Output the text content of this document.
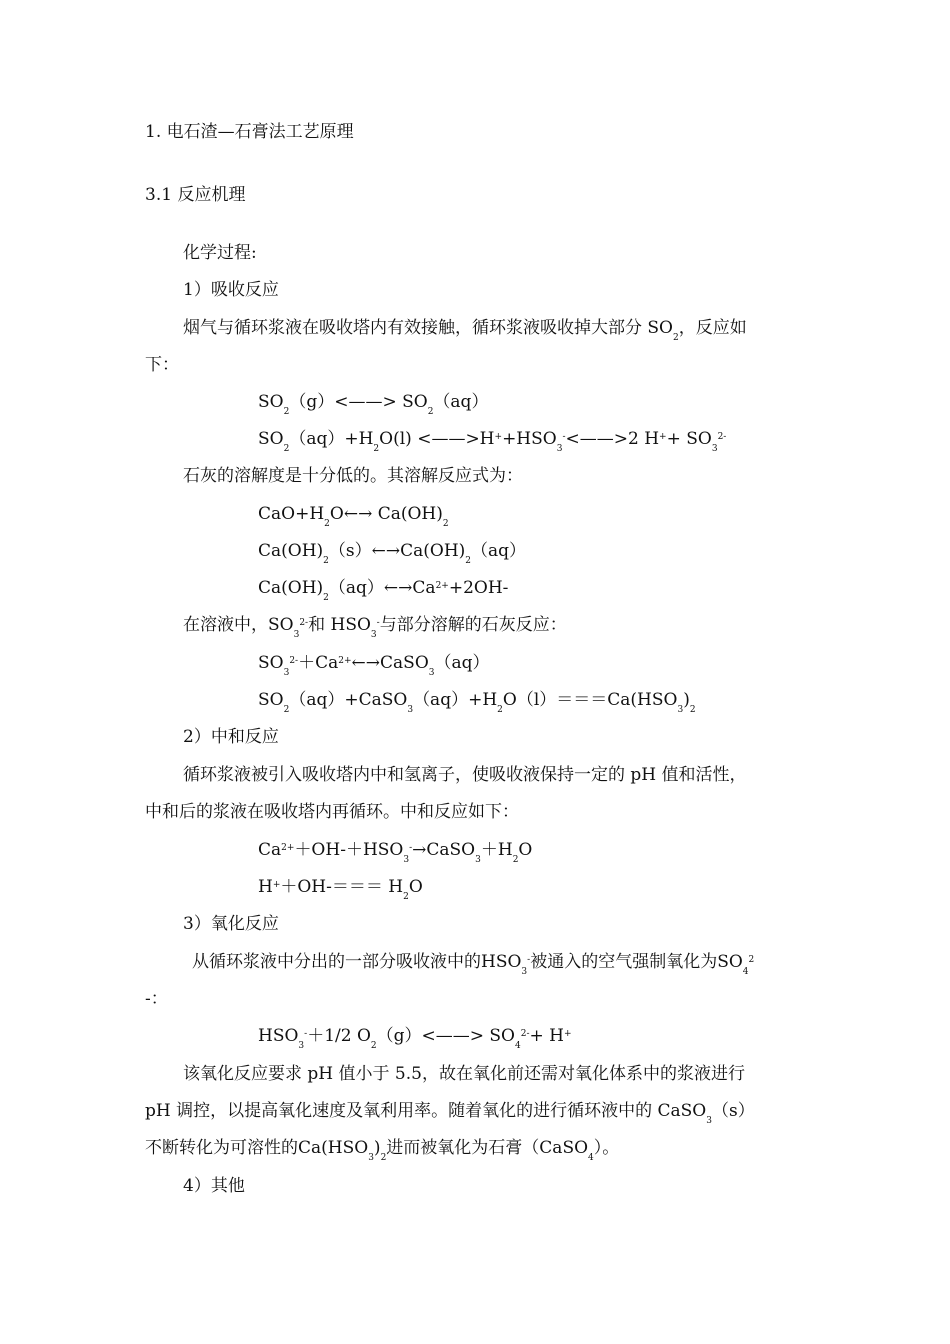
1. 电石渣—石膏法工艺原理
3.1 反应机理
化学过程:
1）吸收反应
烟气与循环浆液在吸收塔内有效接触，循环浆液吸收掉大部分 $SO_2$，反应如
下：
$SO_2(g)<——> SO_2(aq)$
$SO_2(aq)+H_2O(l)$ $<——>H^++HSO_3^-<——>2$ $H^++ SO_3^{2-}$
石灰的溶解度是十分低的。其溶解反应式为：
$CaO+H_2O\leftarrow\to Ca(OH)_2$
$Ca(OH)_2(s)\leftarrow\to Ca(OH)_2(aq)$
$Ca(OH)_2(aq)\leftarrow\to Ca^{2+}+2OH-$
在溶液中，$SO_3^{2-}$和 $HSO_3^-$与部分溶解的石灰反应：
$SO_3^{2-}+Ca^{2+}\leftarrow\to CaSO_3(aq)$
$SO_2(aq)+CaSO_3(aq)+H_2O(l)===Ca(HSO_3)_2$
2）中和反应
循环浆液被引入吸收塔内中和氢离子，使吸收液保持一定的 pH 值和活性，
中和后的浆液在吸收塔内再循环。中和反应如下：
$Ca^{2+}+OH-+HSO_3^-\to CaSO_3+H_2O$
$H^++OH-=== H_2O$
3）氧化反应
从循环浆液中分出的一部分吸收液中的$HSO_3^-$被通入的空气强制氧化为$SO_4^2$
-：
$HSO_3^-+1/2$ $O_2(g)<——> SO_4^{2-}+ H^+$
该氧化反应要求 pH 值小于 5.5，故在氧化前还需对氧化体系中的浆液进行
pH 调控，以提高氧化速度及氧利用率。随着氧化的进行循环液中的 CaSO$_3$（s）
不断转化为可溶性的$Ca(HSO_3)_2$进而被氧化为石膏（CaSO$_4$）。
4）其他
